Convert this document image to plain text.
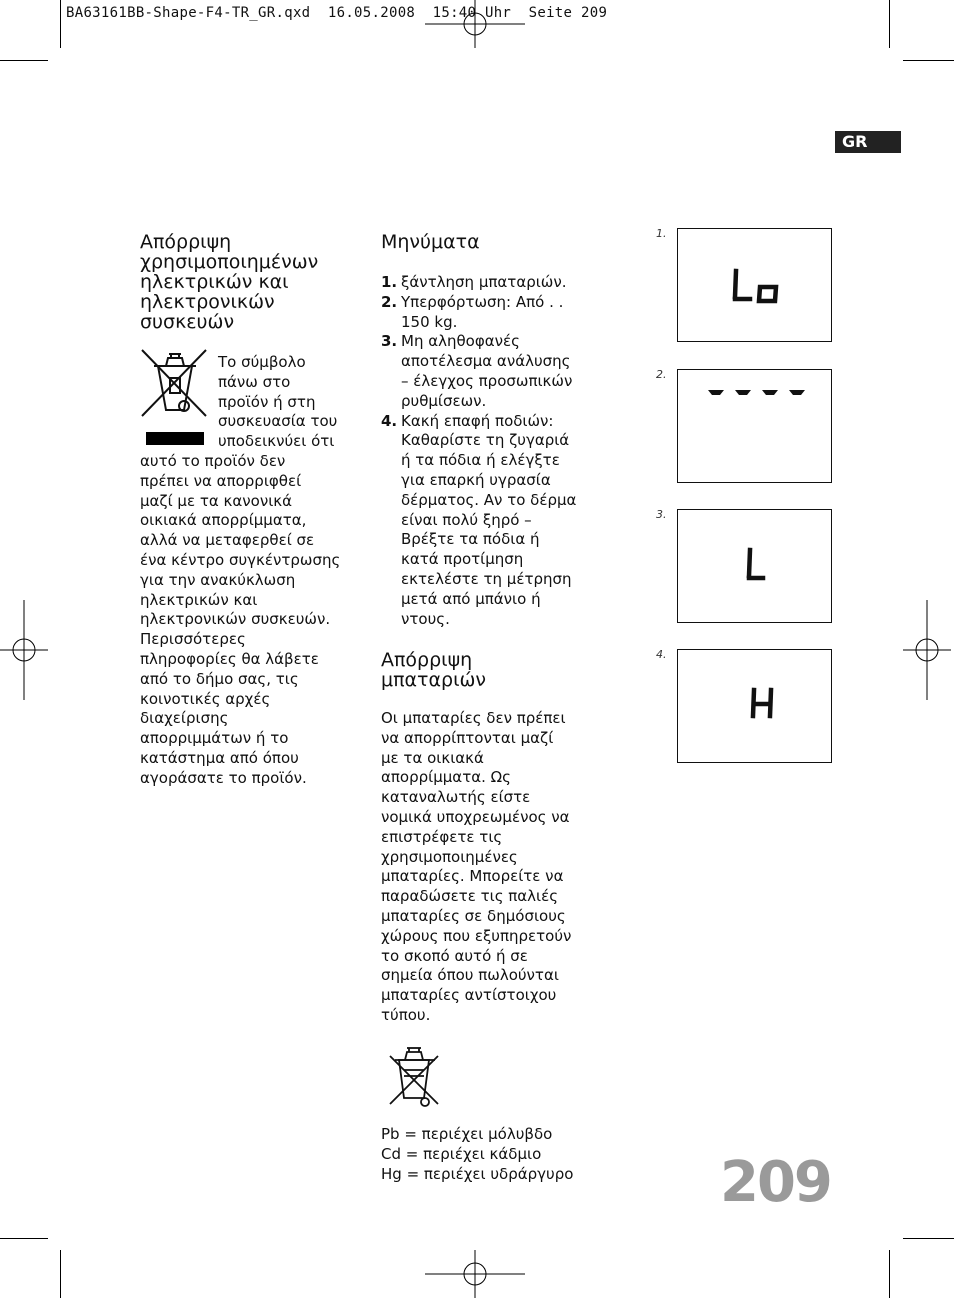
BA63161BB-Shape-F4-TR_GR.qxd  16.05.2008  15:40 Uhr  Seite 209
GR
Απόρριψη
χρησιμοποιημένων
ηλεκτρικών και
ηλεκτρονικών
συσκευών
Το σύμβολο
πάνω στο
προϊόν ή στη
συσκευασία του
υποδεικνύει ότι
αυτό το προϊόν δεν
πρέπει να απορριφθεί
μαζί με τα κανονικά
οικιακά απορρίμματα,
αλλά να μεταφερθεί σε
ένα κέντρο συγκέντρωσης
για την ανακύκλωση
ηλεκτρικών και
ηλεκτρονικών συσκευών.
Περισσότερες
πληροφορίες θα λάβετε
από το δήμο σας, τις
κοινοτικές αρχές
διαχείρισης
απορριμμάτων ή το
κατάστημα από όπου
αγοράσατε το προϊόν.
Μηνύματα
1. ξάντληση μπαταριών.
2. Υπερφόρτωση: Από . .
150 kg.
3. Μη αληθοφανές
αποτέλεσμα ανάλυσης
– έλεγχος προσωπικών
ρυθμίσεων.
4. Κακή επαφή ποδιών:
Καθαρίστε τη ζυγαριά
ή τα πόδια ή ελέγξτε
για επαρκή υγρασία
δέρματος. Αν το δέρμα
είναι πολύ ξηρό –
Βρέξτε τα πόδια ή
κατά προτίμηση
εκτελέστε τη μέτρηση
μετά από μπάνιο ή
ντους.
Απόρριψη
μπαταριών
Οι μπαταρίες δεν πρέπει
να απορρίπτονται μαζί
με τα οικιακά
απορρίμματα. Ως
καταναλωτής είστε
νομικά υποχρεωμένος να
επιστρέφετε τις
χρησιμοποιημένες
μπαταρίες. Μπορείτε να
παραδώσετε τις παλιές
μπαταρίες σε δημόσιους
χώρους που εξυπηρετούν
το σκοπό αυτό ή σε
σημεία όπου πωλούνται
μπαταρίες αντίστοιχου
τύπου.
Pb = περιέχει μόλυβδο
Cd = περιέχει κάδμιο
Hg = περιέχει υδράργυρο
1.
2.
3.
4.
209
